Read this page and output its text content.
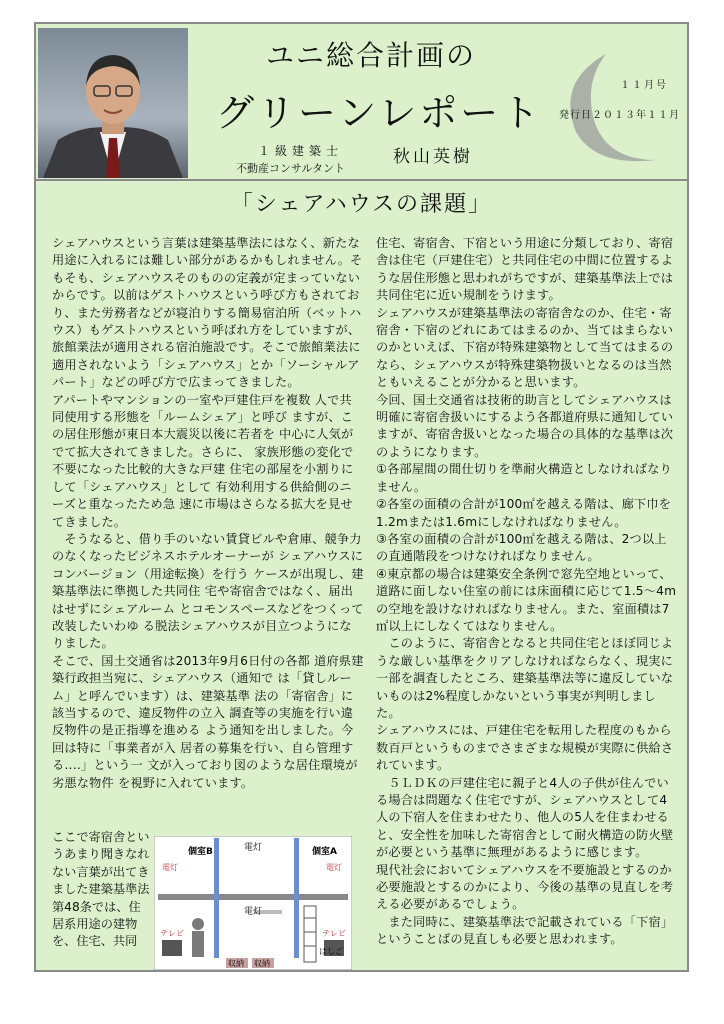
ユニ総合計画の
グリーンレポート
１級建築士
不動産コンサルタント
秋山英樹
１１月号
発行日２０１３年１１月
「シェアハウスの課題」

シェアハウスという言葉は建築基準法にはなく、新たな用途に入れるには難しい部分があるかもしれません。そもそも、シェアハウスそのものの定義が定まっていないからです。以前はゲストハウスという呼び方もされており、また労務者などが寝泊りする簡易宿泊所（ベットハウス）もゲストハウスという呼ばれ方をしていますが、旅館業法が適用される宿泊施設です。そこで旅館業法に適用されないよう「シェアハウス」とか「ソーシャルアパート」などの呼び方で広まってきました。

アパートやマンションの一室や戸建住戸を複数 人で共同使用する形態を「ルームシェア」と呼び ますが、この居住形態が東日本大震災以後に若者を 中心に人気がでて拡大されてきました。さらに、 家族形態の変化で不要になった比較的大きな戸建 住宅の部屋を小割りにして「シェアハウス」として 有効利用する供給側のニーズと重なったため急 速に市場はさらなる拡大を見せてきました。

　そうなると、借り手のいない賃貸ビルや倉庫、競争力のなくなったビジネスホテルオーナーが シェアハウスにコンバージョン（用途転換）を行う ケースが出現し、建築基準法に準拠した共同住 宅や寄宿舎ではなく、届出はせずにシェアルーム とコモンスペースなどをつくって改装したいわゆ る脱法シェアハウスが目立つようになりました。

そこで、国土交通省は2013年9月6日付の各都 道府県建築行政担当宛に、シェアハウス（通知で は「貸しルーム」と呼んでいます）は、建築基準 法の「寄宿舎」に該当するので、違反物件の立入 調査等の実施を行い違反物件の是正指導を進める よう通知を出しました。今回は特に「事業者が入 居者の募集を行い、自ら管理する‥‥」という一 文が入っており図のような居住環境が劣悪な物件 を視野に入れています。

ここで寄宿舎というあまり聞きなれない言葉が出てきました建築基準法第48条では、住居系用途の建物を、住宅、共同

個室B	個室A
電灯
電灯	電灯
電灯
テレビ	テレビ
収納 収納
はしご

住宅、寄宿舎、下宿という用途に分類しており、寄宿舎は住宅（戸建住宅）と共同住宅の中間に位置するような居住形態と思われがちですが、建築基準法上では共同住宅に近い規制をうけます。

シェアハウスが建築基準法の寄宿舎なのか、住宅・寄宿舎・下宿のどれにあてはまるのか、当てはまらないのかといえば、下宿が特殊建築物として当てはまるのなら、シェアハウスが特殊建築物扱いとなるのは当然ともいえることが分かると思います。

今回、国土交通省は技術的助言としてシェアハウスは明確に寄宿舎扱いにするよう各都道府県に通知していますが、寄宿舎扱いとなった場合の具体的な基準は次のようになります。

①各部屋間の間仕切りを準耐火構造としなければなりません。

②各室の面積の合計が100㎡を越える階は、廊下巾を1.2mまたは1.6mにしなければなりません。

③各室の面積の合計が100㎡を越える階は、2つ以上の直通階段をつけなければなりません。

④東京都の場合は建築安全条例で窓先空地といって、道路に面しない住室の前には床面積に応じて1.5〜4mの空地を設けなければなりません。また、室面積は7㎡以上にしなくてはなりません。

　このように、寄宿舎となると共同住宅とほぼ同じような厳しい基準をクリアしなければならなく、現実に一部を調査したところ、建築基準法等に違反していないものは2%程度しかないという事実が判明しました。

シェアハウスには、戸建住宅を転用した程度のもから数百戸というものまでさまざまな規模が実際に供給されています。

　５ＬＤＫの戸建住宅に親子と4人の子供が住んでいる場合は問題なく住宅ですが、シェアハウスとして4人の下宿人を住まわせたり、他人の5人を住まわせると、安全性を加味した寄宿舎として耐火構造の防火壁が必要という基準に無理があるように感じます。

現代社会においてシェアハウスを不要施設とするのか必要施設とするのかにより、今後の基準の見直しを考える必要があるでしょう。

　また同時に、建築基準法で記載されている「下宿」ということばの見直しも必要と思われます。
